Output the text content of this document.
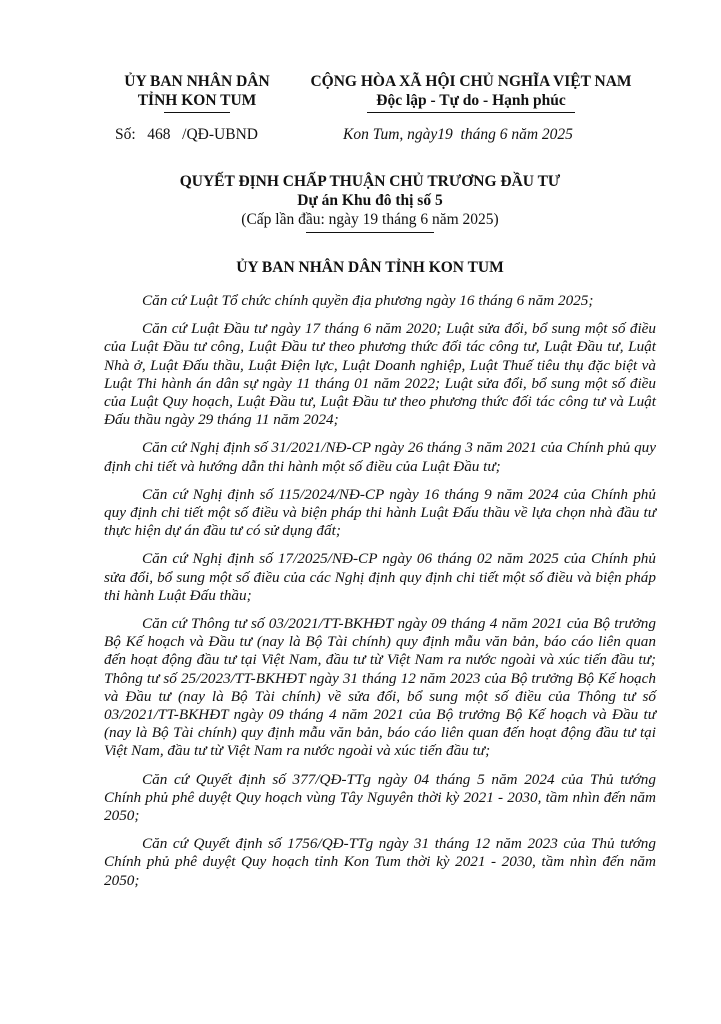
ỦY BAN NHÂN DÂN
TỈNH KON TUM
CỘNG HÒA XÃ HỘI CHỦ NGHĨA VIỆT NAM
Độc lập - Tự do - Hạnh phúc
Số:   468   /QĐ-UBND	Kon Tum, ngày19  tháng 6 năm 2025
QUYẾT ĐỊNH CHẤP THUẬN CHỦ TRƯƠNG ĐẦU TƯ
Dự án Khu đô thị số 5
(Cấp lần đầu: ngày 19 tháng 6 năm 2025)
ỦY BAN NHÂN DÂN TỈNH KON TUM

Căn cứ Luật Tổ chức chính quyền địa phương ngày 16 tháng 6 năm 2025;

Căn cứ Luật Đầu tư ngày 17 tháng 6 năm 2020; Luật sửa đổi, bổ sung một số điều của Luật Đầu tư công, Luật Đầu tư theo phương thức đối tác công tư, Luật Đầu tư, Luật Nhà ở, Luật Đấu thầu, Luật Điện lực, Luật Doanh nghiệp, Luật Thuế tiêu thụ đặc biệt và Luật Thi hành án dân sự ngày 11 tháng 01 năm 2022; Luật sửa đổi, bổ sung một số điều của Luật Quy hoạch, Luật Đầu tư, Luật Đầu tư theo phương thức đối tác công tư và Luật Đấu thầu ngày 29 tháng 11 năm 2024;

Căn cứ Nghị định số 31/2021/NĐ-CP ngày 26 tháng 3 năm 2021 của Chính phủ quy định chi tiết và hướng dẫn thi hành một số điều của Luật Đầu tư;

Căn cứ Nghị định số 115/2024/NĐ-CP ngày 16 tháng 9 năm 2024 của Chính phủ quy định chi tiết một số điều và biện pháp thi hành Luật Đấu thầu về lựa chọn nhà đầu tư thực hiện dự án đầu tư có sử dụng đất;

Căn cứ Nghị định số 17/2025/NĐ-CP ngày 06 tháng 02 năm 2025 của Chính phủ sửa đổi, bổ sung một số điều của các Nghị định quy định chi tiết một số điều và biện pháp thi hành Luật Đấu thầu;

Căn cứ Thông tư số 03/2021/TT-BKHĐT ngày 09 tháng 4 năm 2021 của Bộ trưởng Bộ Kế hoạch và Đầu tư (nay là Bộ Tài chính) quy định mẫu văn bản, báo cáo liên quan đến hoạt động đầu tư tại Việt Nam, đầu tư từ Việt Nam ra nước ngoài và xúc tiến đầu tư; Thông tư số 25/2023/TT-BKHĐT ngày 31 tháng 12 năm 2023 của Bộ trưởng Bộ Kế hoạch và Đầu tư (nay là Bộ Tài chính) về sửa đổi, bổ sung một số điều của Thông tư số 03/2021/TT-BKHĐT ngày 09 tháng 4 năm 2021 của Bộ trưởng Bộ Kế hoạch và Đầu tư (nay là Bộ Tài chính) quy định mẫu văn bản, báo cáo liên quan đến hoạt động đầu tư tại Việt Nam, đầu tư từ Việt Nam ra nước ngoài và xúc tiến đầu tư;

Căn cứ Quyết định số 377/QĐ-TTg ngày 04 tháng 5 năm 2024 của Thủ tướng Chính phủ phê duyệt Quy hoạch vùng Tây Nguyên thời kỳ 2021 - 2030, tầm nhìn đến năm 2050;

Căn cứ Quyết định số 1756/QĐ-TTg ngày 31 tháng 12 năm 2023 của Thủ tướng Chính phủ phê duyệt Quy hoạch tỉnh Kon Tum thời kỳ 2021 - 2030, tầm nhìn đến năm 2050;
